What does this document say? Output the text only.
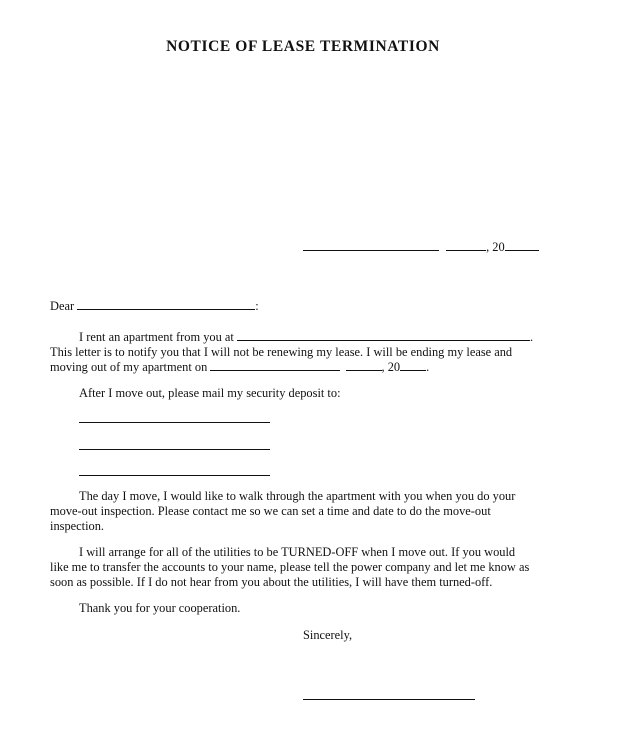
NOTICE OF LEASE TERMINATION
, 20
Dear	:
I rent an apartment from you at	.
This letter is to notify you that I will not be renewing my lease. I will be ending my lease and
moving out of my apartment on	, 20 .
After I move out, please mail my security deposit to:
The day I move, I would like to walk through the apartment with you when you do your
move-out inspection. Please contact me so we can set a time and date to do the move-out
inspection.
I will arrange for all of the utilities to be TURNED-OFF when I move out. If you would
like me to transfer the accounts to your name, please tell the power company and let me know as
soon as possible. If I do not hear from you about the utilities, I will have them turned-off.
Thank you for your cooperation.
Sincerely,
